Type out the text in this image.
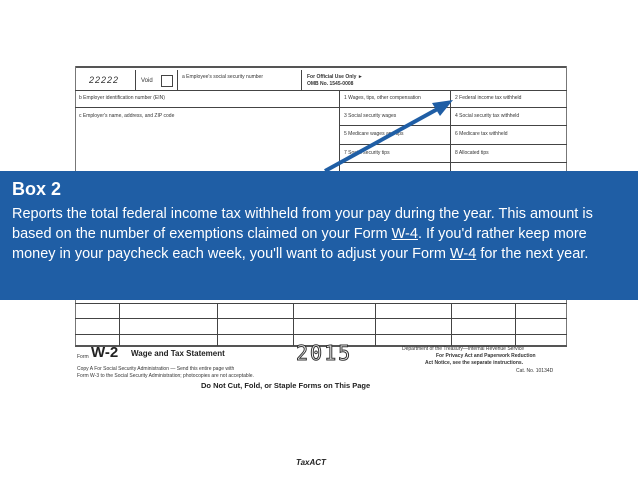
22222	Void
a Employee's social security number	For Official Use Only ►
OMB No. 1545-0008
b Employer identification number (EIN)
c Employer's name, address, and ZIP code
1 Wages, tips, other compensation	2 Federal income tax withheld
3 Social security wages	4 Social security tax withheld
5 Medicare wages and tips	6 Medicare tax withheld
7 Social security tips	8 Allocated tips
Form W-2 Wage and Tax Statement	2015	Department of the Treasury—Internal Revenue Service
For Privacy Act and Paperwork Reduction
Act Notice, see the separate instructions.
Copy A For Social Security Administration — Send this entire page with
Form W-3 to the Social Security Administration; photocopies are not acceptable.
Cat. No. 10134D
Do Not Cut, Fold, or Staple Forms on This Page
Box 2

Reports the total federal income tax withheld from your pay during the year. This amount is based on the number of exemptions claimed on your Form W-4. If you'd rather keep more money in your paycheck each week, you'll want to adjust your Form W-4 for the next year.

TaxACT
